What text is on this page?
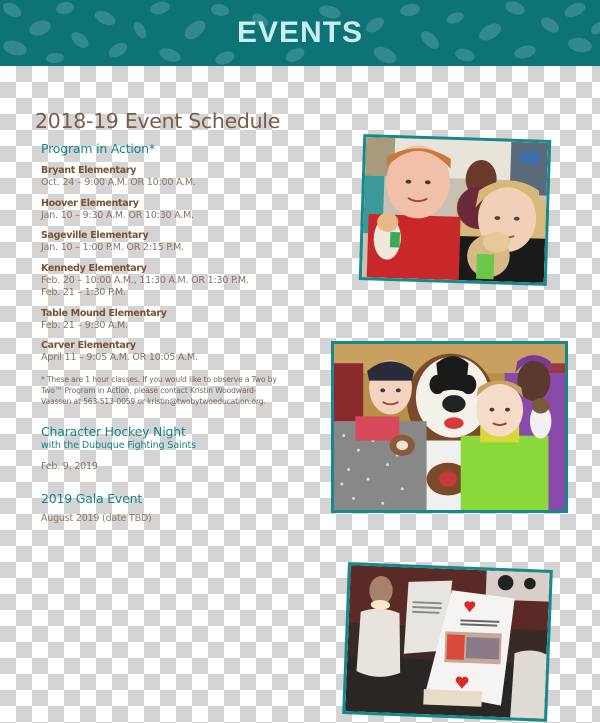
EVENTS
2018-19 Event Schedule
Program in Action*
Bryant Elementary
Oct. 24 – 9:00 A.M. OR 10:00 A.M.
Hoover Elementary
Jan. 10 – 9:30 A.M. OR 10:30 A.M.
Sageville Elementary
Jan. 10 – 1:00 P.M. OR 2:15 P.M.
Kennedy Elementary
Feb. 20 – 10:00 A.M., 11:30 A.M. OR 1:30 P.M.
Feb. 21 – 1:30 P.M.
Table Mound Elementary
Feb. 21 – 9:30 A.M.
Carver Elementary
April 11 – 9:05 A.M. OR 10:05 A.M.

* These are 1 hour classes. If you would like to observe a Two by Two™ Program in Action, please contact Kristin Woodward-Vaassen at 563-513-0059 or kristin@twobytwoeducation.org.

Character Hockey Night
with the Dubuque Fighting Saints
Feb. 9, 2019
2019 Gala Event
August 2019 (date TBD)
